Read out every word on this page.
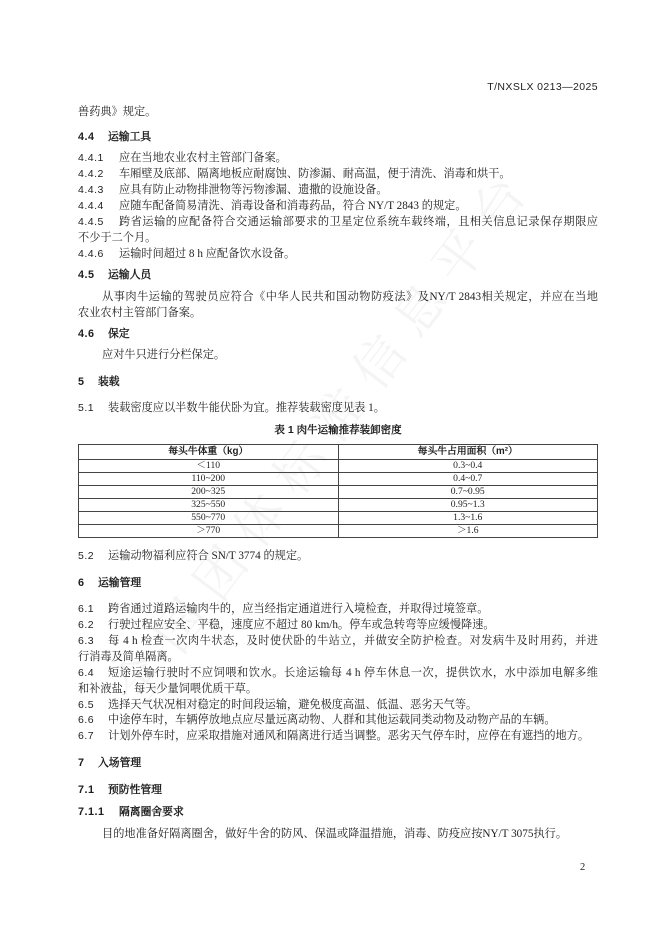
T/NXSLX 0213—2025
兽药典》规定。
4.4 运输工具
4.4.1 应在当地农业农村主管部门备案。
4.4.2 车厢壁及底部、隔离地板应耐腐蚀、防渗漏、耐高温，便于清洗、消毒和烘干。
4.4.3 应具有防止动物排泄物等污物渗漏、遗撒的设施设备。
4.4.4 应随车配备简易清洗、消毒设备和消毒药品，符合 NY/T 2843 的规定。
4.4.5 跨省运输的应配备符合交通运输部要求的卫星定位系统车载终端，且相关信息记录保存期限应
不少于二个月。
4.4.6 运输时间超过 8 h 应配备饮水设备。
4.5 运输人员
从事肉牛运输的驾驶员应符合《中华人民共和国动物防疫法》及NY/T 2843相关规定，并应在当地
农业农村主管部门备案。
4.6 保定
应对牛只进行分栏保定。
5 装载
5.1 装载密度应以半数牛能伏卧为宜。推荐装载密度见表 1。
表 1 肉牛运输推荐装卸密度
每头牛体重（kg）	每头牛占用面积（m²）
＜110	0.3~0.4
110~200	0.4~0.7
200~325	0.7~0.95
325~550	0.95~1.3
550~770	1.3~1.6
＞770	＞1.6
5.2 运输动物福利应符合 SN/T 3774 的规定。
6 运输管理
6.1 跨省通过道路运输肉牛的，应当经指定通道进行入境检查，并取得过境签章。
6.2 行驶过程应安全、平稳，速度应不超过 80 km/h。停车或急转弯等应缓慢降速。
6.3 每 4 h 检查一次肉牛状态，及时使伏卧的牛站立，并做安全防护检查。对发病牛及时用药，并进
行消毒及简单隔离。
6.4 短途运输行驶时不应饲喂和饮水。长途运输每 4 h 停车休息一次，提供饮水，水中添加电解多维
和补液盐，每天少量饲喂优质干草。
6.5 选择天气状况相对稳定的时间段运输，避免极度高温、低温、恶劣天气等。
6.6 中途停车时，车辆停放地点应尽量远离动物、人群和其他运载同类动物及动物产品的车辆。
6.7 计划外停车时，应采取措施对通风和隔离进行适当调整。恶劣天气停车时，应停在有遮挡的地方。
7 入场管理
7.1 预防性管理
7.1.1 隔离圈舍要求
目的地准备好隔离圈舍，做好牛舍的防风、保温或降温措施，消毒、防疫应按NY/T 3075执行。
2
